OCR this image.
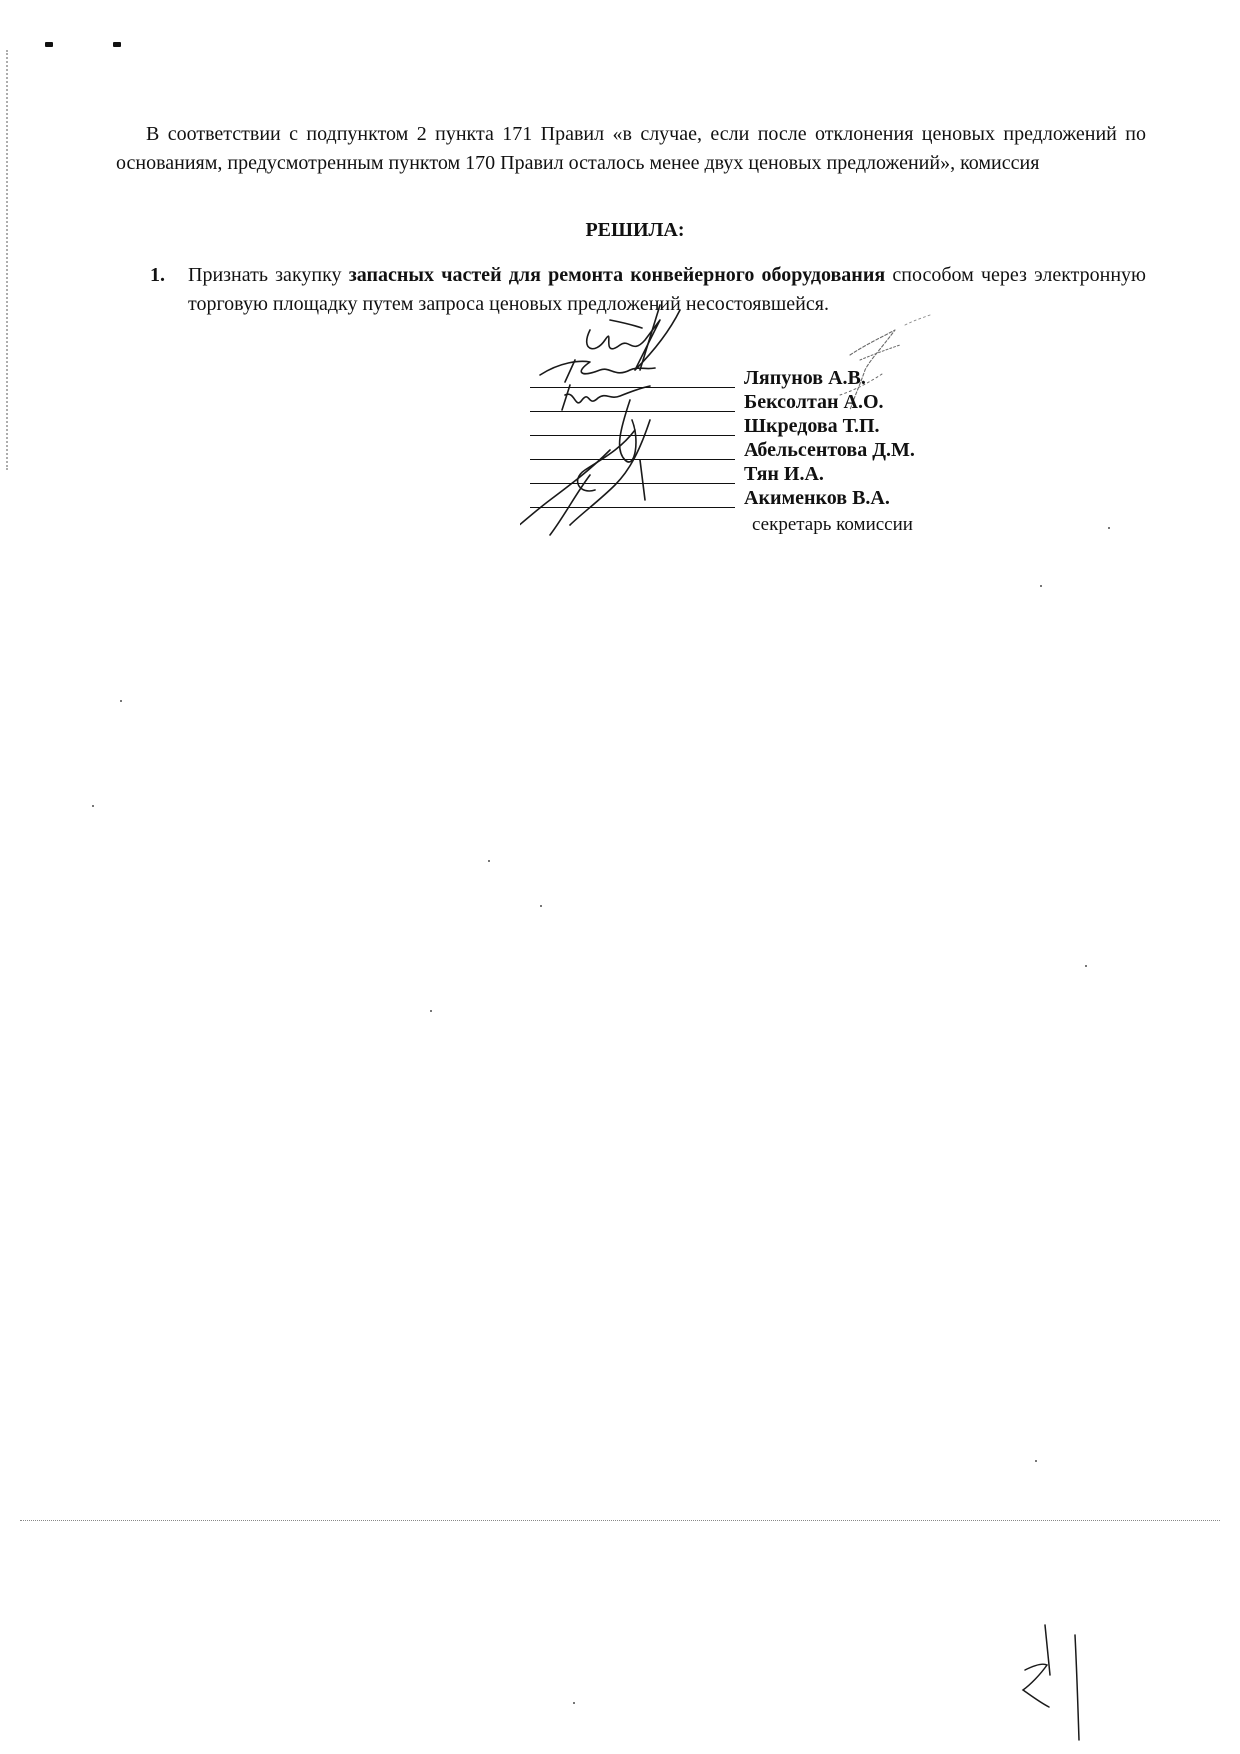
В соответствии с подпунктом 2 пункта 171 Правил «в случае, если после отклонения ценовых предложений по основаниям, предусмотренным пунктом 170 Правил осталось менее двух ценовых предложений», комиссия

РЕШИЛА:

1. Признать закупку запасных частей для ремонта конвейерного оборудования способом через электронную торговую площадку путем запроса ценовых предложений несостоявшейся.
Ляпунов А.В.
Бексолтан А.О.
Шкредова Т.П.
Абельсентова Д.М.
Тян И.А.
Акименков В.А.
секретарь комиссии
